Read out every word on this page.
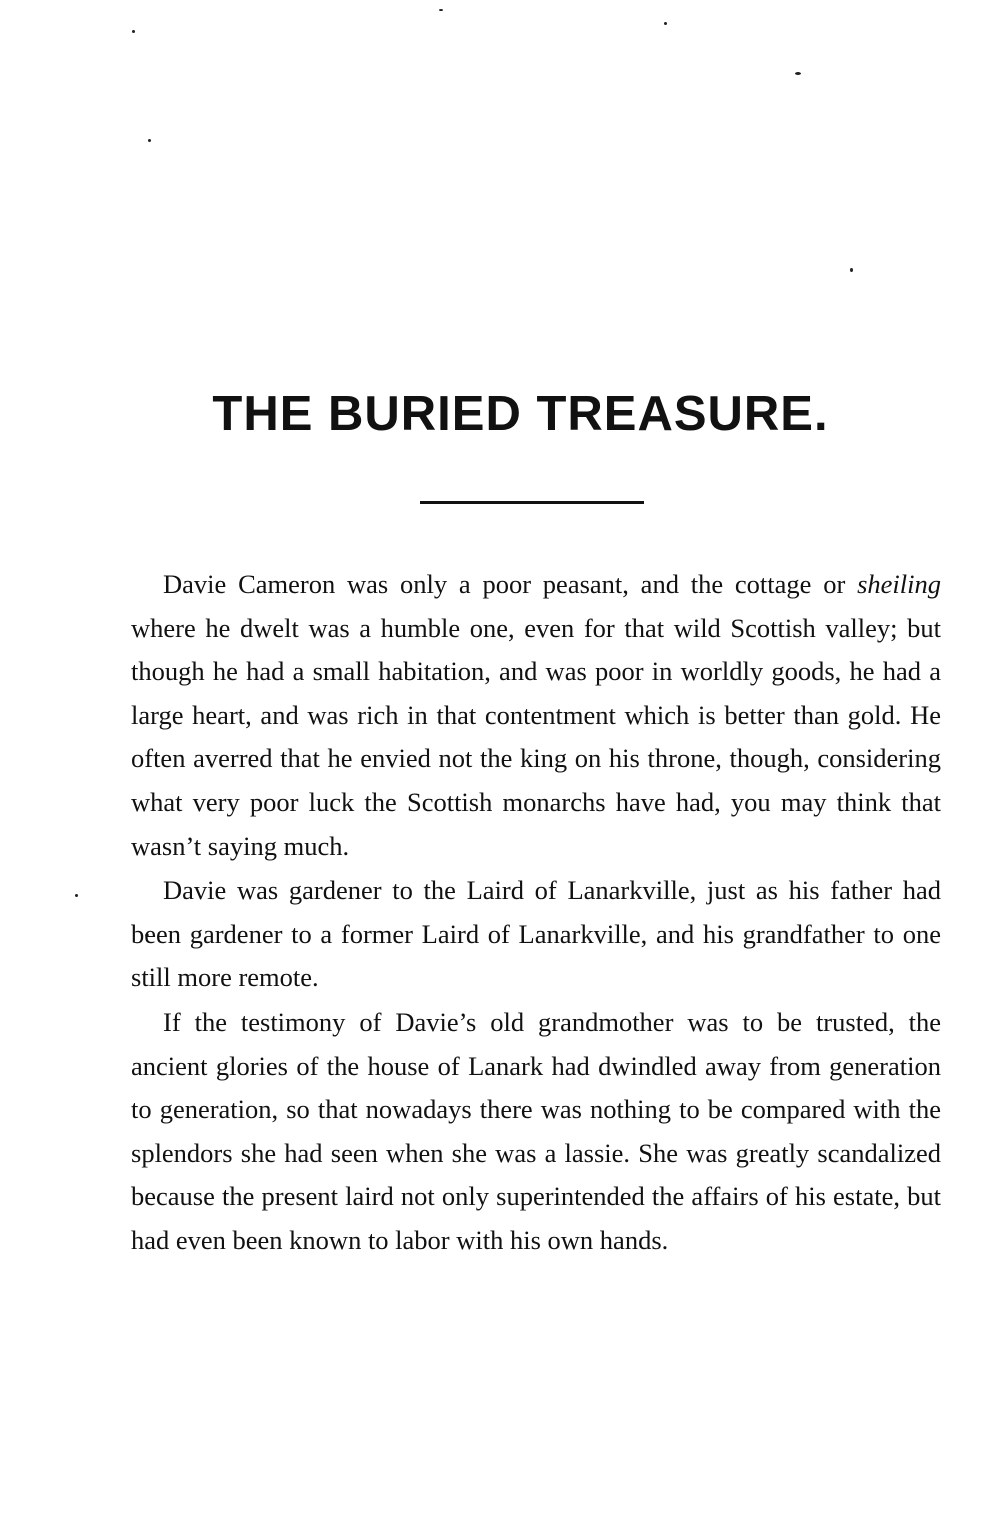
THE BURIED TREASURE.

Davie Cameron was only a poor peasant, and the cottage or sheiling where he dwelt was a humble one, even for that wild Scottish valley; but though he had a small habitation, and was poor in worldly goods, he had a large heart, and was rich in that contentment which is better than gold. He often averred that he envied not the king on his throne, though, considering what very poor luck the Scottish monarchs have had, you may think that wasn’t saying much.

Davie was gardener to the Laird of Lanarkville, just as his father had been gardener to a former Laird of Lanarkville, and his grandfather to one still more remote.

If the testimony of Davie’s old grandmother was to be trusted, the ancient glories of the house of Lanark had dwindled away from generation to generation, so that nowadays there was nothing to be compared with the splendors she had seen when she was a lassie. She was greatly scandalized because the present laird not only superintended the affairs of his estate, but had even been known to labor with his own hands.
